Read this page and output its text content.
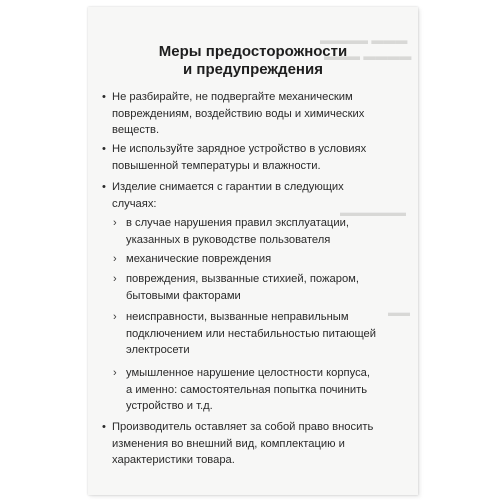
▬▬▬ ▬▬▬▬
▬▬▬▬ ▬▬▬
▬▬▬▬▬▬
▬▬
Меры предосторожности
и предупреждения
• Не разбирайте, не подвергайте механическим
повреждениям, воздействию воды и химических
веществ.
• Не используйте зарядное устройство в условиях
повышенной температуры и влажности.
• Изделие снимается с гарантии в следующих
случаях:
› в случае нарушения правил эксплуатации,
указанных в руководстве пользователя
› механические повреждения
› повреждения, вызванные стихией, пожаром,
бытовыми факторами
› неисправности, вызванные неправильным
подключением или нестабильностью питающей
электросети
› умышленное нарушение целостности корпуса,
а именно: самостоятельная попытка починить
устройство и т.д.
• Производитель оставляет за собой право вносить
изменения во внешний вид, комплектацию и
характеристики товара.
